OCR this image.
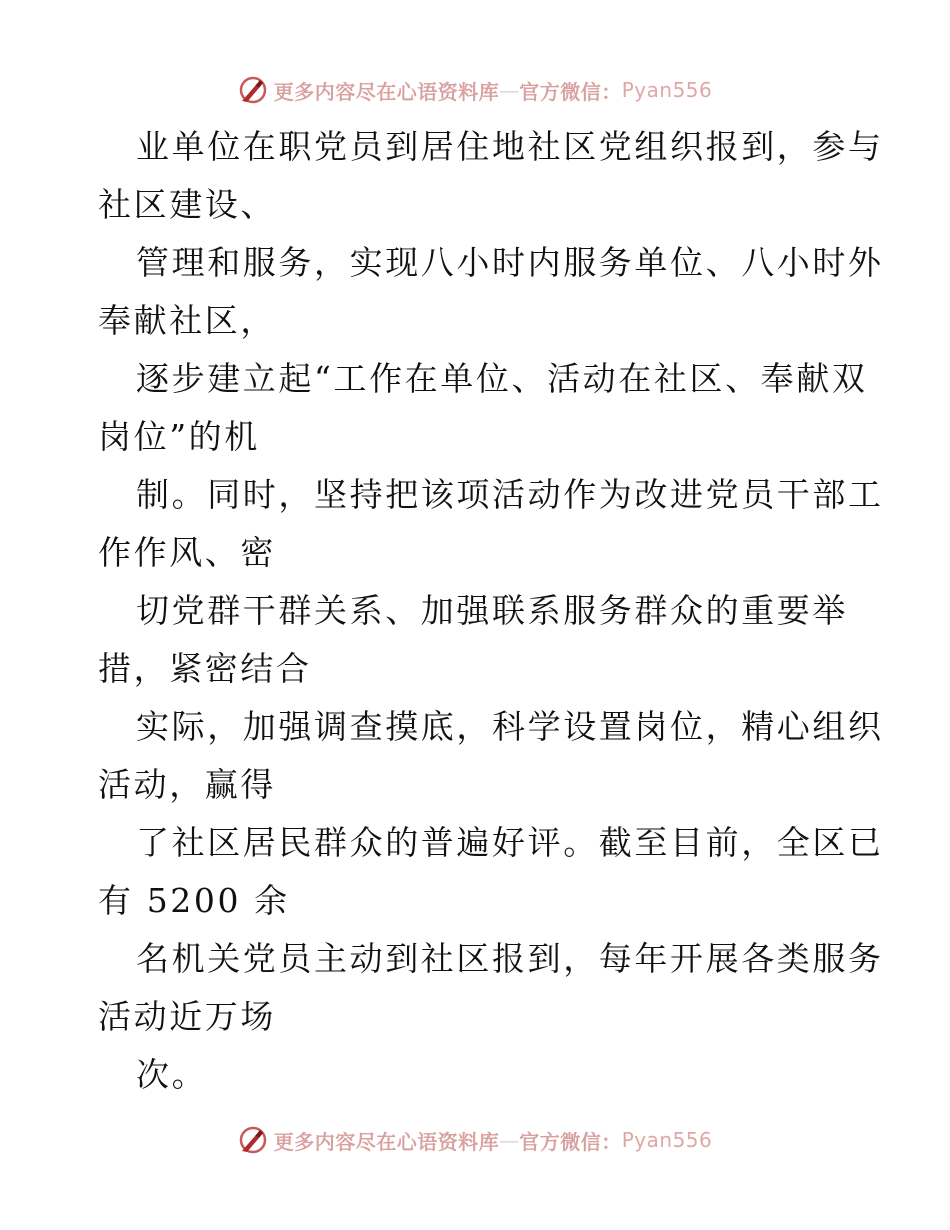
更多内容尽在心语资料库 — 官方微信： Pyan556
业单位在职党员到居住地社区党组织报到，参与
社区建设、
管理和服务，实现八小时内服务单位、八小时外
奉献社区，
逐步建立起“工作在单位、活动在社区、奉献双
岗位”的机
制。同时，坚持把该项活动作为改进党员干部工
作作风、密
切党群干群关系、加强联系服务群众的重要举
措，紧密结合
实际，加强调查摸底，科学设置岗位，精心组织
活动，赢得
了社区居民群众的普遍好评。截至目前，全区已
有 5200 余
名机关党员主动到社区报到，每年开展各类服务
活动近万场
次。
更多内容尽在心语资料库 — 官方微信： Pyan556
